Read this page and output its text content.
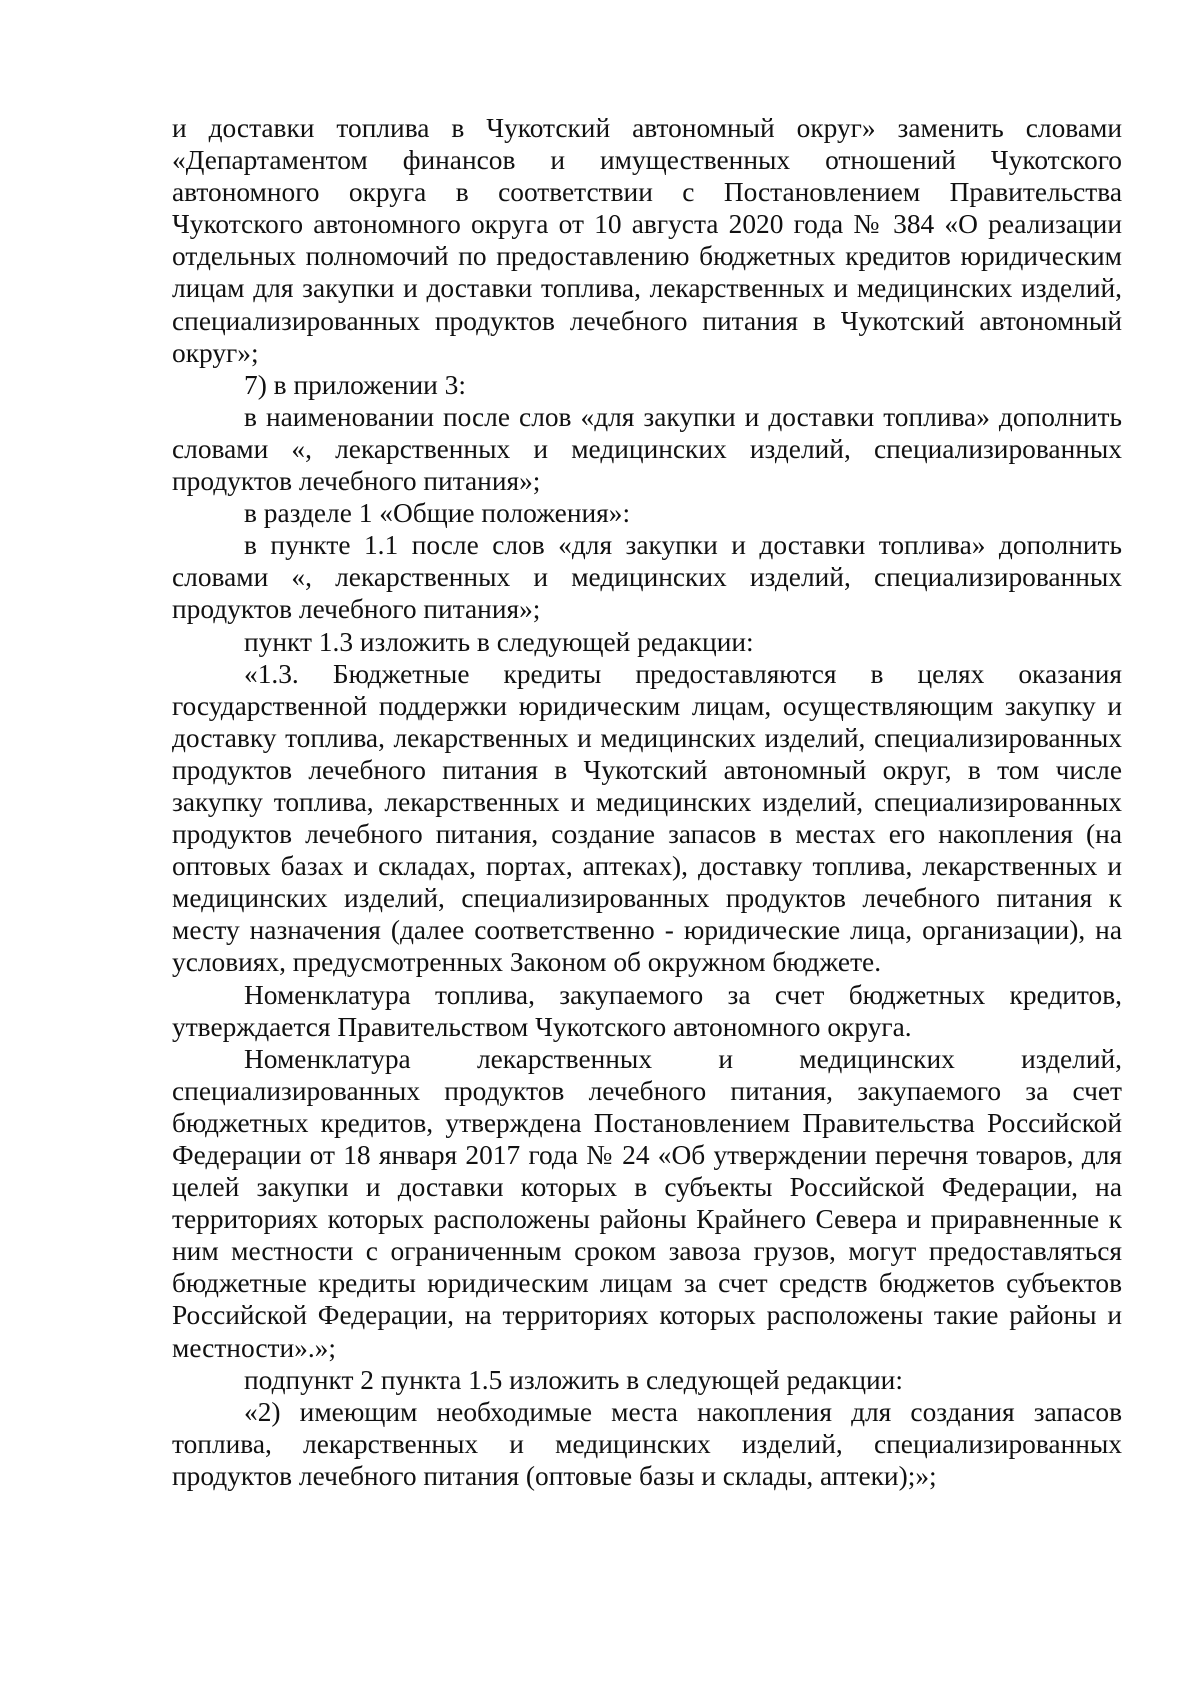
и доставки топлива в Чукотский автономный округ» заменить словами «Департаментом финансов и имущественных отношений Чукотского автономного округа в соответствии с Постановлением Правительства Чукотского автономного округа от 10 августа 2020 года № 384 «О реализации отдельных полномочий по предоставлению бюджетных кредитов юридическим лицам для закупки и доставки топлива, лекарственных и медицинских изделий, специализированных продуктов лечебного питания в Чукотский автономный округ»;

7) в приложении 3:

в наименовании после слов «для закупки и доставки топлива» дополнить словами «, лекарственных и медицинских изделий, специализированных продуктов лечебного питания»;

в разделе 1 «Общие положения»:

в пункте 1.1 после слов «для закупки и доставки топлива» дополнить словами «, лекарственных и медицинских изделий, специализированных продуктов лечебного питания»;

пункт 1.3 изложить в следующей редакции:

«1.3. Бюджетные кредиты предоставляются в целях оказания государственной поддержки юридическим лицам, осуществляющим закупку и доставку топлива, лекарственных и медицинских изделий, специализированных продуктов лечебного питания в Чукотский автономный округ, в том числе закупку топлива, лекарственных и медицинских изделий, специализированных продуктов лечебного питания, создание запасов в местах его накопления (на оптовых базах и складах, портах, аптеках), доставку топлива, лекарственных и медицинских изделий, специализированных продуктов лечебного питания к месту назначения (далее соответственно - юридические лица, организации), на условиях, предусмотренных Законом об окружном бюджете.

Номенклатура топлива, закупаемого за счет бюджетных кредитов, утверждается Правительством Чукотского автономного округа.

Номенклатура лекарственных и медицинских изделий, специализированных продуктов лечебного питания, закупаемого за счет бюджетных кредитов, утверждена Постановлением Правительства Российской Федерации от 18 января 2017 года № 24 «Об утверждении перечня товаров, для целей закупки и доставки которых в субъекты Российской Федерации, на территориях которых расположены районы Крайнего Севера и приравненные к ним местности с ограниченным сроком завоза грузов, могут предоставляться бюджетные кредиты юридическим лицам за счет средств бюджетов субъектов Российской Федерации, на территориях которых расположены такие районы и местности».»;

подпункт 2 пункта 1.5 изложить в следующей редакции:

«2) имеющим необходимые места накопления для создания запасов топлива, лекарственных и медицинских изделий, специализированных продуктов лечебного питания (оптовые базы и склады, аптеки);»;
